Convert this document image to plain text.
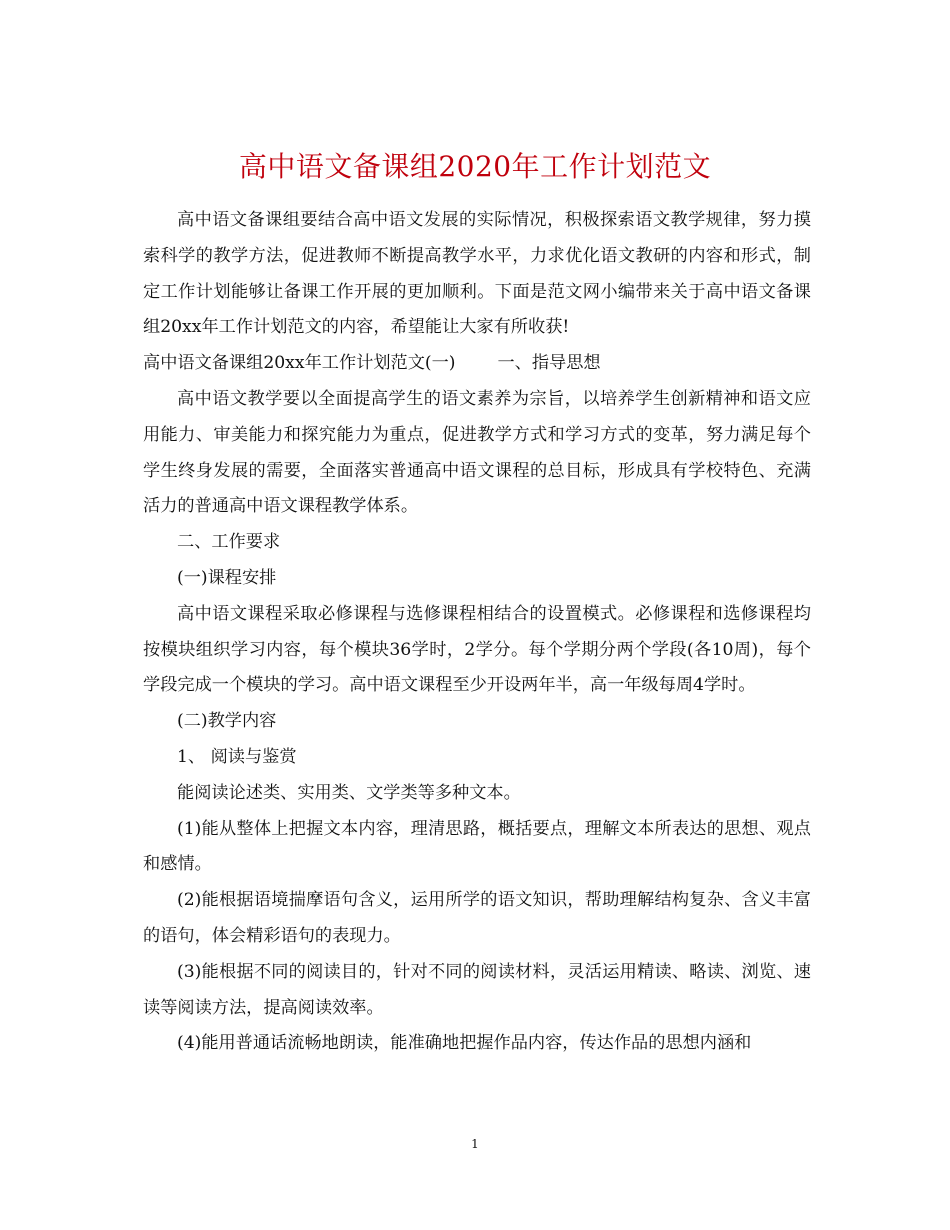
高中语文备课组2020年工作计划范文

高中语文备课组要结合高中语文发展的实际情况，积极探索语文教学规律，努力摸索科学的教学方法，促进教师不断提高教学水平，力求优化语文教研的内容和形式，制定工作计划能够让备课工作开展的更加顺利。下面是范文网小编带来关于高中语文备课组20xx年工作计划范文的内容，希望能让大家有所收获!

高中语文备课组20xx年工作计划范文(一) 一、指导思想

高中语文教学要以全面提高学生的语文素养为宗旨，以培养学生创新精神和语文应用能力、审美能力和探究能力为重点，促进教学方式和学习方式的变革，努力满足每个学生终身发展的需要，全面落实普通高中语文课程的总目标，形成具有学校特色、充满活力的普通高中语文课程教学体系。

二、工作要求

(一)课程安排

高中语文课程采取必修课程与选修课程相结合的设置模式。必修课程和选修课程均按模块组织学习内容，每个模块36学时，2学分。每个学期分两个学段(各10周)，每个学段完成一个模块的学习。高中语文课程至少开设两年半，高一年级每周4学时。

(二)教学内容

1、 阅读与鉴赏

能阅读论述类、实用类、文学类等多种文本。

(1)能从整体上把握文本内容，理清思路，概括要点，理解文本所表达的思想、观点和感情。

(2)能根据语境揣摩语句含义，运用所学的语文知识，帮助理解结构复杂、含义丰富的语句，体会精彩语句的表现力。

(3)能根据不同的阅读目的，针对不同的阅读材料，灵活运用精读、略读、浏览、速读等阅读方法，提高阅读效率。

(4)能用普通话流畅地朗读，能准确地把握作品内容，传达作品的思想内涵和

1
